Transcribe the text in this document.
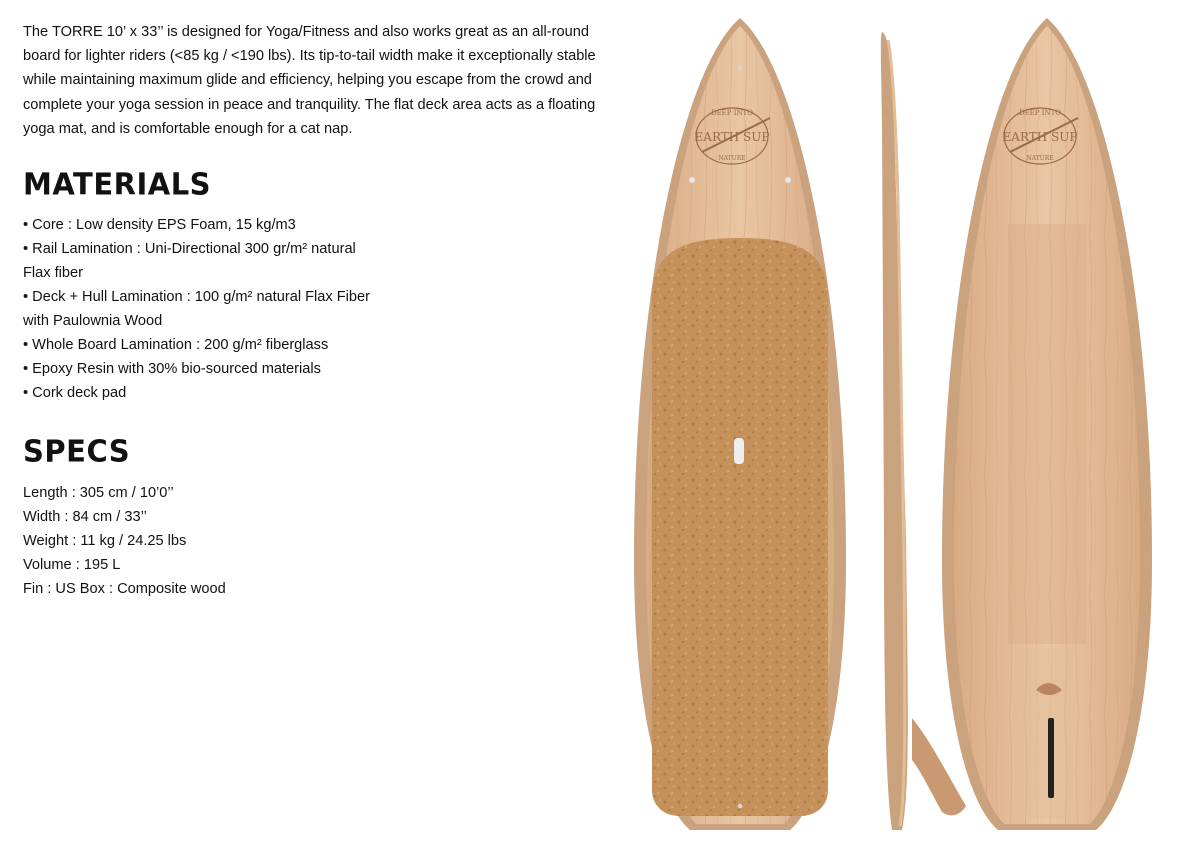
The TORRE 10’ x 33’’ is designed for Yoga/Fitness and also works great as an all-round board for lighter riders (<85 kg / <190 lbs). Its tip-to-tail width make it exceptionally stable while maintaining maximum glide and efficiency, helping you escape from the crowd and complete your yoga session in peace and tranquility. The flat deck area acts as a floating yoga mat, and is comfortable enough for a cat nap.

MATERIALS
• Core : Low density EPS Foam, 15 kg/m3
• Rail Lamination : Uni-Directional 300 gr/m² natural Flax fiber
• Deck + Hull Lamination : 100 g/m² natural Flax Fiber with Paulownia Wood
• Whole Board Lamination : 200 g/m² fiberglass
• Epoxy Resin with 30% bio-sourced materials
• Cork deck pad
SPECS
Length : 305 cm / 10’0’’
Width : 84 cm / 33’’
Weight : 11 kg / 24.25 lbs
Volume : 195 L
Fin : US Box : Composite wood
DEEP INTO
EARTH SUP
NATURE
DEEP INTO
EARTH SUP
NATURE
